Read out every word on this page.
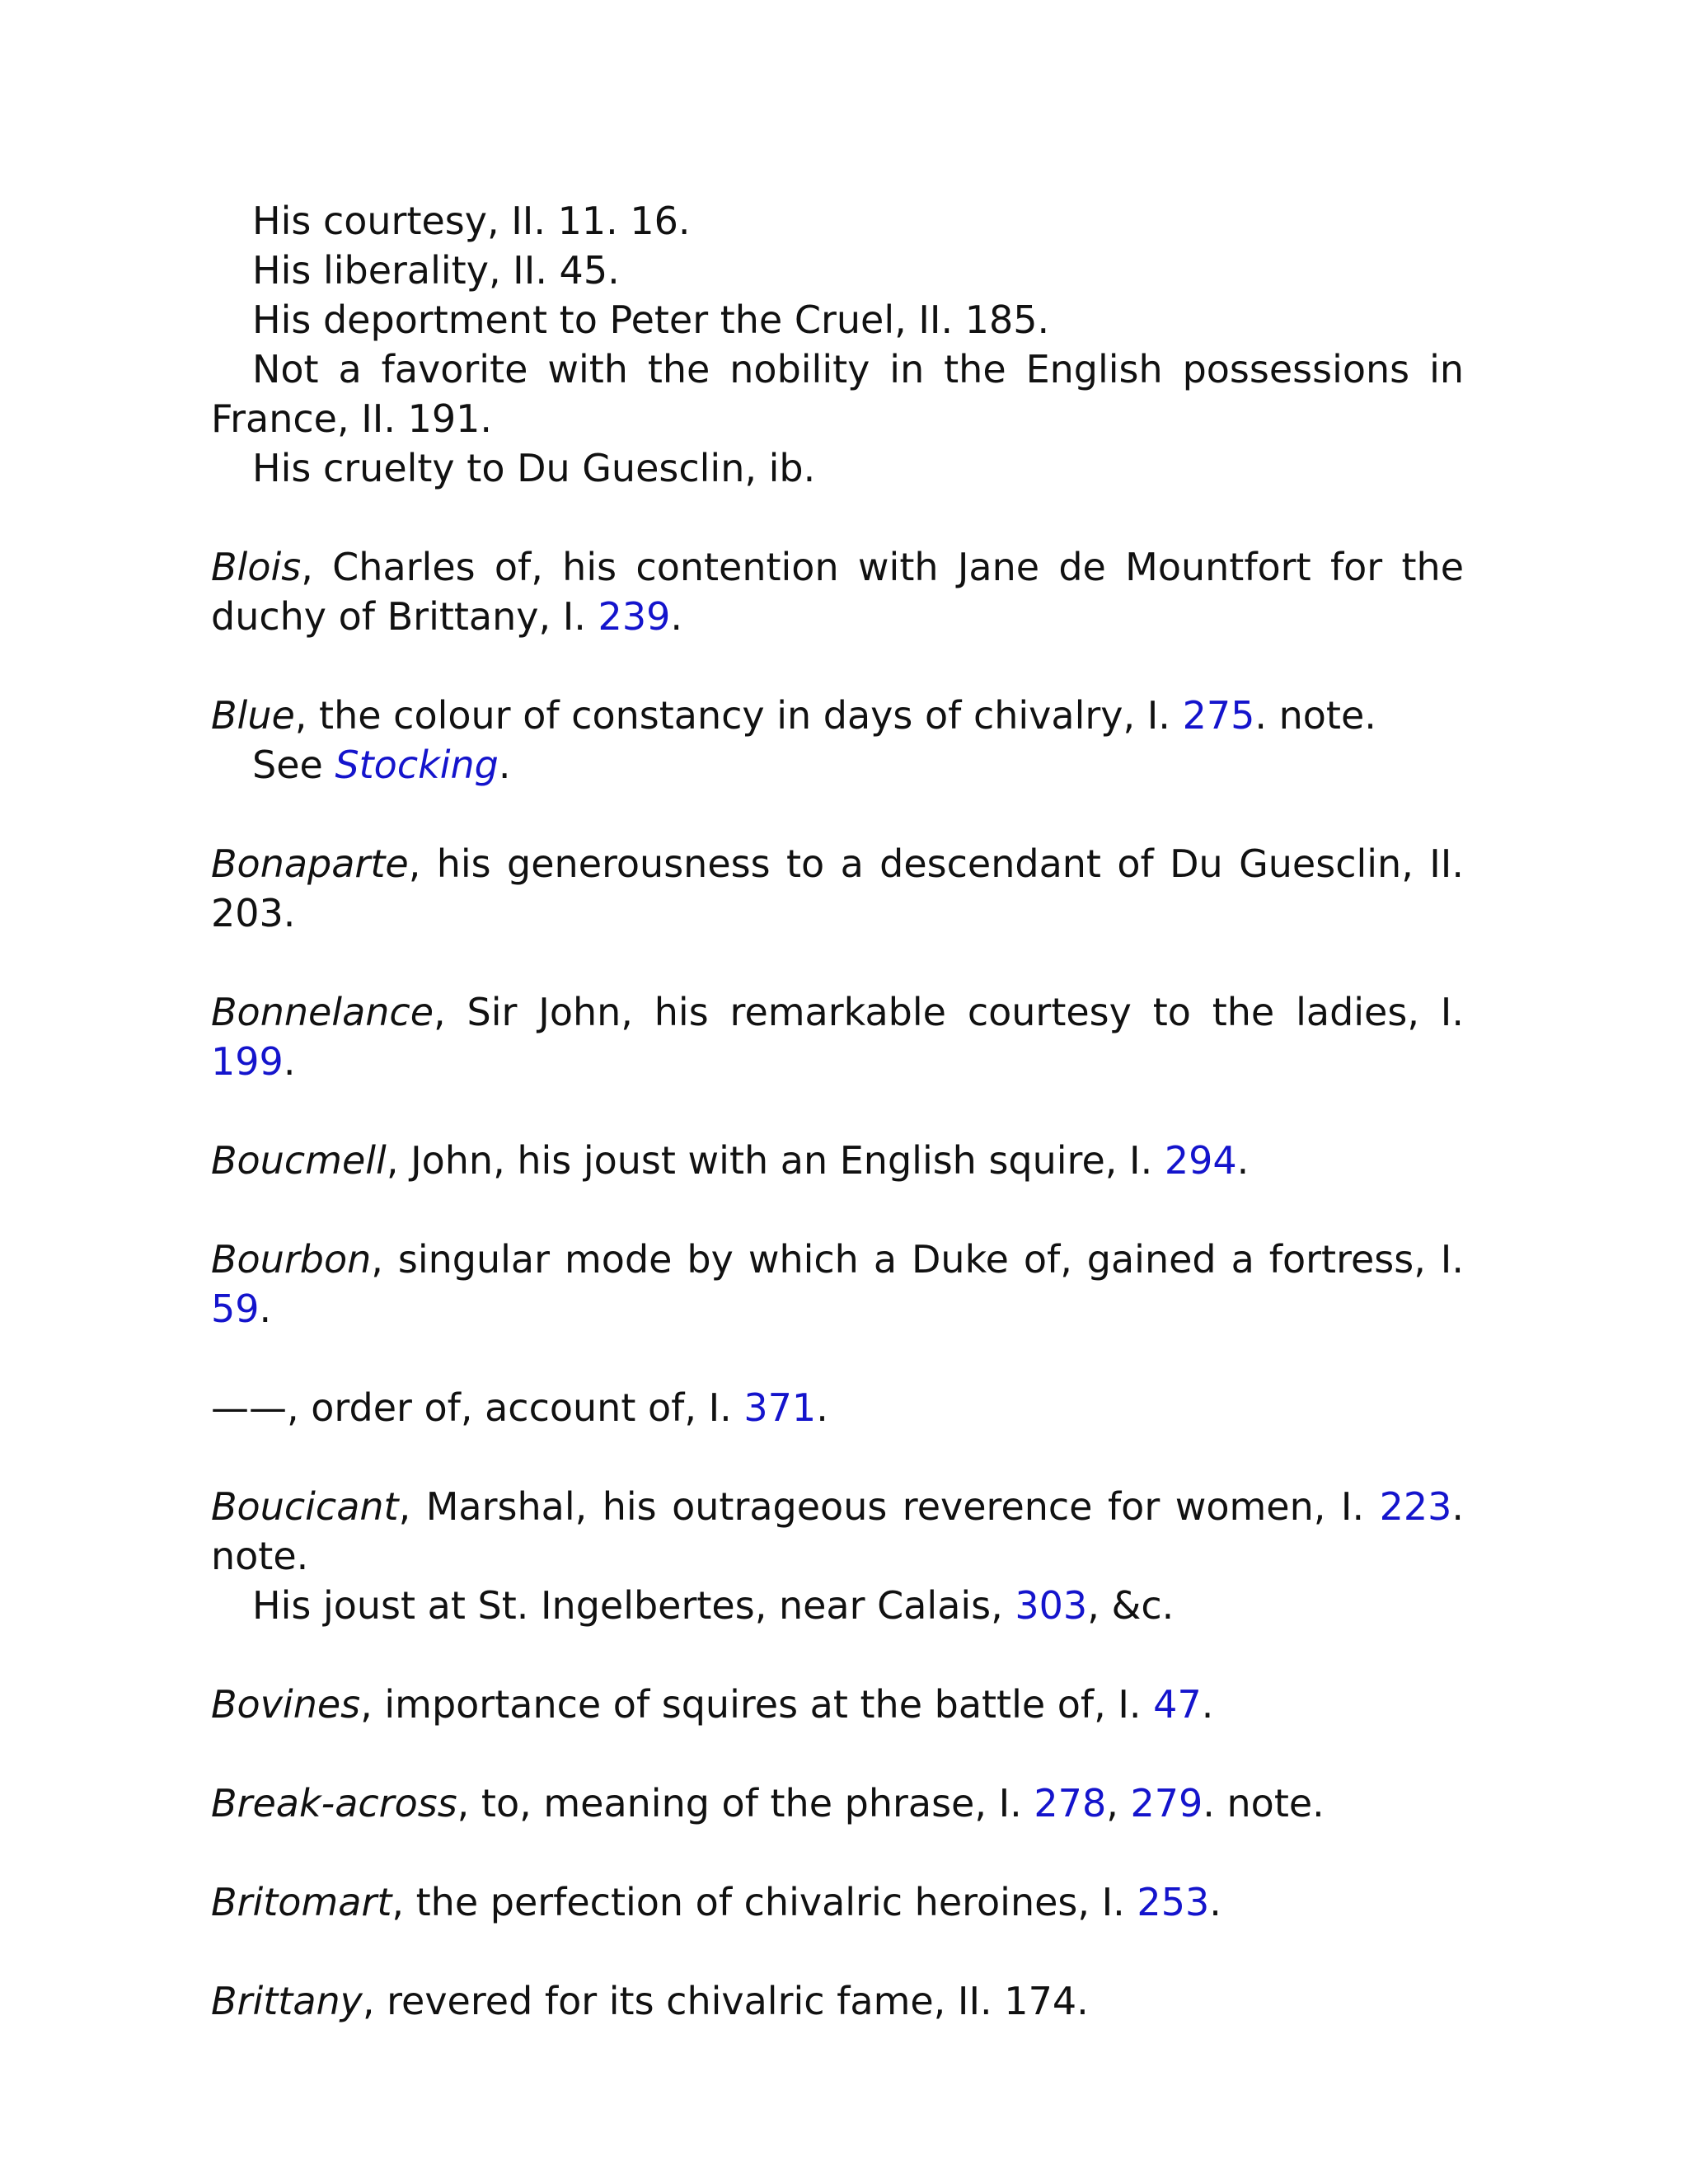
His courtesy, II. 11. 16.

His liberality, II. 45.

His deportment to Peter the Cruel, II. 185.

Not a favorite with the nobility in the English possessions in France, II. 191.

His cruelty to Du Guesclin, ib.

Blois, Charles of, his contention with Jane de Mountfort for the duchy of Brittany, I. 239.

Blue, the colour of constancy in days of chivalry, I. 275. note.

See Stocking.

Bonaparte, his generousness to a descendant of Du Guesclin, II. 203.

Bonnelance, Sir John, his remarkable courtesy to the ladies, I. 199.

Boucmell, John, his joust with an English squire, I. 294.

Bourbon, singular mode by which a Duke of, gained a fortress, I. 59.

——, order of, account of, I. 371.

Boucicant, Marshal, his outrageous reverence for women, I. 223. note.

His joust at St. Ingelbertes, near Calais, 303, &c.

Bovines, importance of squires at the battle of, I. 47.

Break-across, to, meaning of the phrase, I. 278, 279. note.

Britomart, the perfection of chivalric heroines, I. 253.

Brittany, revered for its chivalric fame, II. 174.
